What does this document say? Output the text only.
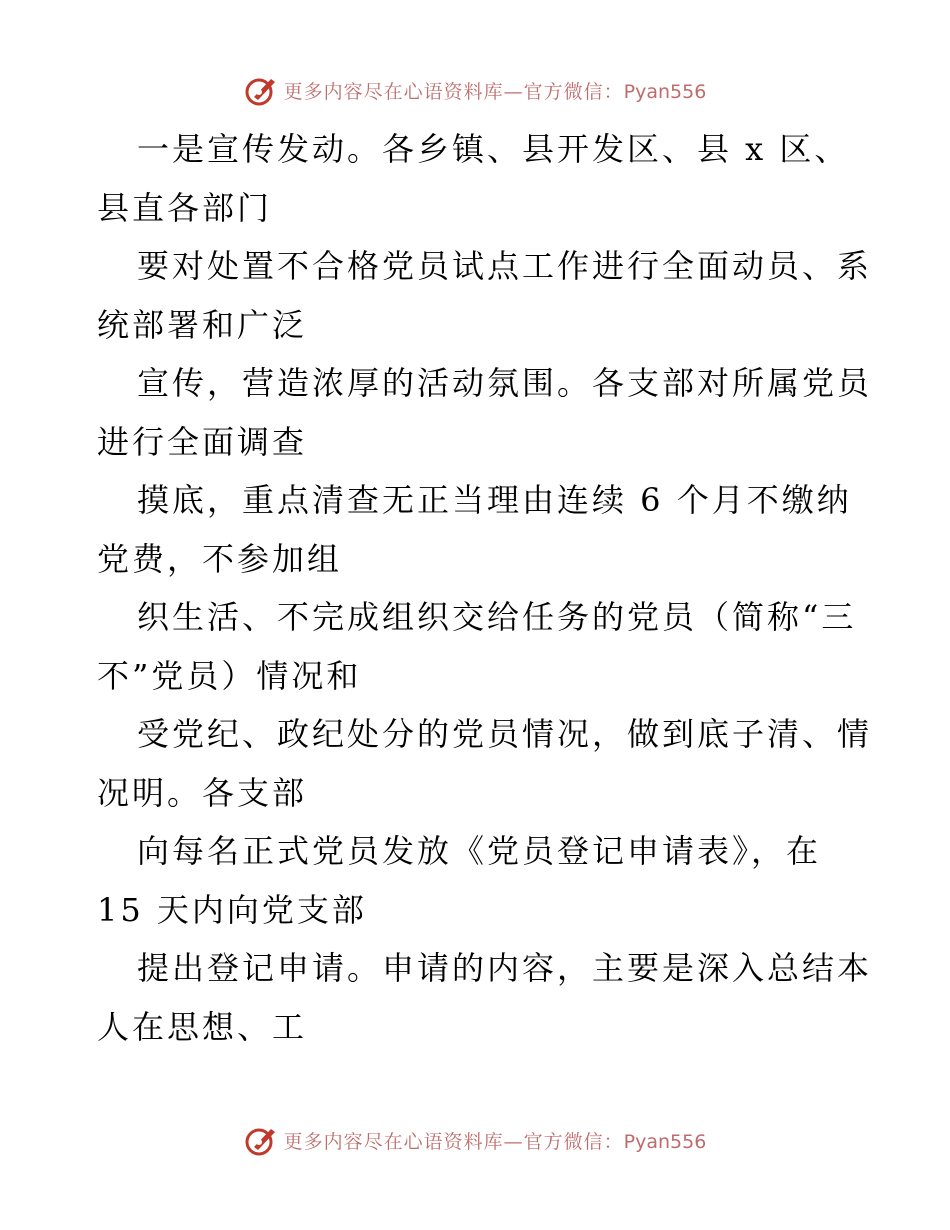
更多内容尽在心语资料库—官方微信：Pyan556
一是宣传发动。各乡镇、县开发区、县 x 区、
县直各部门
要对处置不合格党员试点工作进行全面动员、系
统部署和广泛
宣传，营造浓厚的活动氛围。各支部对所属党员
进行全面调查
摸底，重点清查无正当理由连续 6 个月不缴纳
党费，不参加组
织生活、不完成组织交给任务的党员（简称“三
不”党员）情况和
受党纪、政纪处分的党员情况，做到底子清、情
况明。各支部
向每名正式党员发放《党员登记申请表》，在
15 天内向党支部
提出登记申请。申请的内容，主要是深入总结本
人在思想、工
更多内容尽在心语资料库—官方微信：Pyan556
